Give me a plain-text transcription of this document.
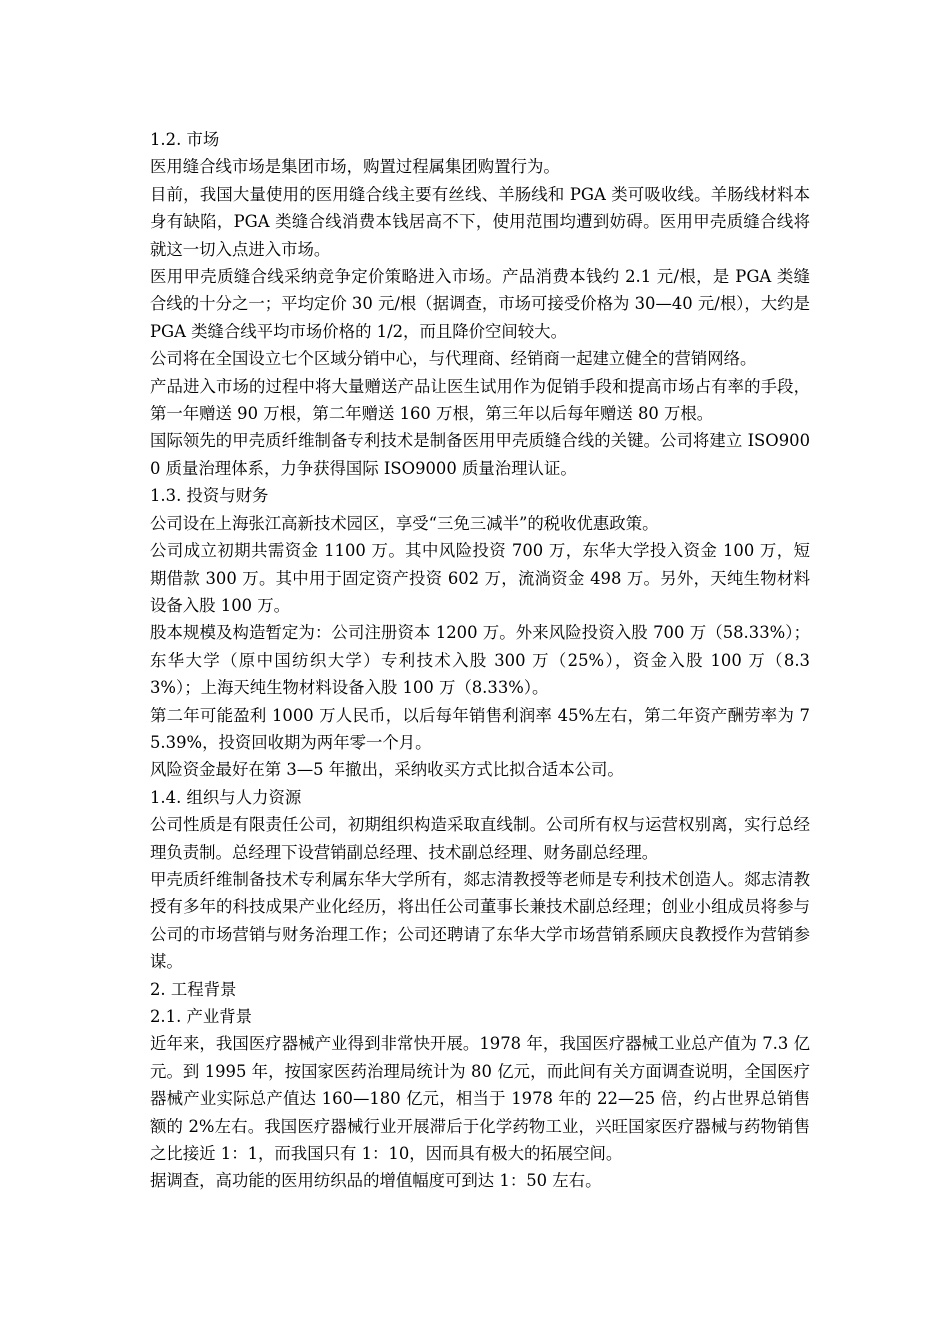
1.2. 市场

医用缝合线市场是集团市场，购置过程属集团购置行为。

目前，我国大量使用的医用缝合线主要有丝线、羊肠线和 PGA 类可吸收线。羊肠线材料本身有缺陷，PGA 类缝合线消费本钱居高不下，使用范围均遭到妨碍。医用甲壳质缝合线将就这一切入点进入市场。

医用甲壳质缝合线采纳竞争定价策略进入市场。产品消费本钱约 2.1 元/根，是 PGA 类缝合线的十分之一；平均定价 30 元/根（据调查，市场可接受价格为 30—40 元/根），大约是 PGA 类缝合线平均市场价格的 1/2，而且降价空间较大。

公司将在全国设立七个区域分销中心，与代理商、经销商一起建立健全的营销网络。

产品进入市场的过程中将大量赠送产品让医生试用作为促销手段和提高市场占有率的手段，第一年赠送 90 万根，第二年赠送 160 万根，第三年以后每年赠送 80 万根。

国际领先的甲壳质纤维制备专利技术是制备医用甲壳质缝合线的关键。公司将建立 ISO9000 质量治理体系，力争获得国际 ISO9000 质量治理认证。

1.3. 投资与财务

公司设在上海张江高新技术园区，享受“三免三减半”的税收优惠政策。

公司成立初期共需资金 1100 万。其中风险投资 700 万，东华大学投入资金 100 万，短期借款 300 万。其中用于固定资产投资 602 万，流淌资金 498 万。另外，天纯生物材料设备入股 100 万。

股本规模及构造暂定为：公司注册资本 1200 万。外来风险投资入股 700 万（58.33%）；东华大学（原中国纺织大学）专利技术入股 300 万（25%），资金入股 100 万（8.33%）；上海天纯生物材料设备入股 100 万（8.33%）。

第二年可能盈利 1000 万人民币，以后每年销售利润率 45%左右，第二年资产酬劳率为 75.39%，投资回收期为两年零一个月。

风险资金最好在第 3—5 年撤出，采纳收买方式比拟合适本公司。

1.4. 组织与人力资源

公司性质是有限责任公司，初期组织构造采取直线制。公司所有权与运营权别离，实行总经理负责制。总经理下设营销副总经理、技术副总经理、财务副总经理。

甲壳质纤维制备技术专利属东华大学所有，郯志清教授等老师是专利技术创造人。郯志清教授有多年的科技成果产业化经历，将出任公司董事长兼技术副总经理；创业小组成员将参与公司的市场营销与财务治理工作；公司还聘请了东华大学市场营销系顾庆良教授作为营销参谋。

2. 工程背景

2.1. 产业背景

近年来，我国医疗器械产业得到非常快开展。1978 年，我国医疗器械工业总产值为 7.3 亿元。到 1995 年，按国家医药治理局统计为 80 亿元，而此间有关方面调查说明，全国医疗器械产业实际总产值达 160—180 亿元，相当于 1978 年的 22—25 倍，约占世界总销售额的 2%左右。我国医疗器械行业开展滞后于化学药物工业，兴旺国家医疗器械与药物销售之比接近 1：1，而我国只有 1：10，因而具有极大的拓展空间。

据调查，高功能的医用纺织品的增值幅度可到达 1：50 左右。
